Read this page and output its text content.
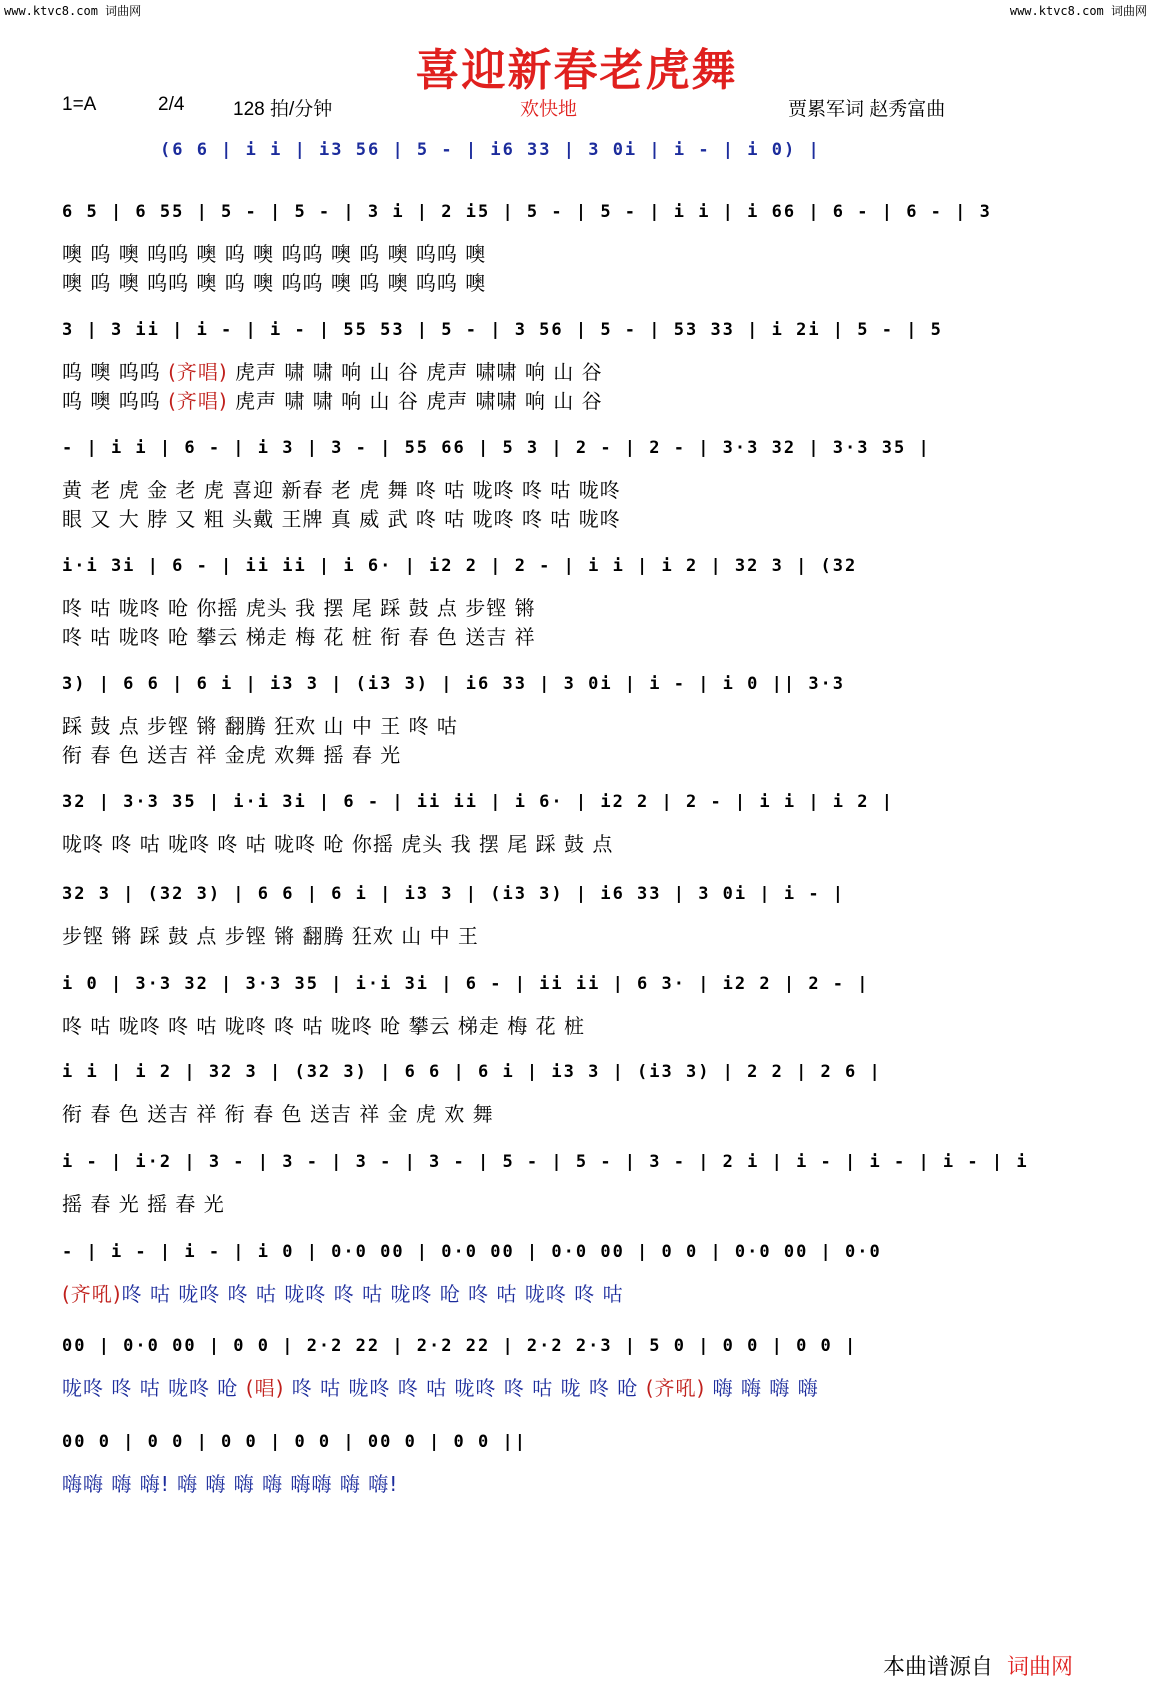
www.ktvc8.com 词曲网	www.ktvc8.com 词曲网
喜迎新春老虎舞
1=A	2/4	128 拍/分钟	欢快地	贾累军词 赵秀富曲
(6 6 | i i | i3 56 | 5 - | i6 33 | 3 0i | i - | i 0) |
6 5 | 6 55 | 5 - | 5 - | 3 i | 2 i5 | 5 - | 5 - | i i | i 66 | 6 - | 6 - | 3
噢 呜 噢 呜呜 噢 呜 噢 呜呜 噢 呜 噢 呜呜 噢
噢 呜 噢 呜呜 噢 呜 噢 呜呜 噢 呜 噢 呜呜 噢
3 | 3 ii | i - | i - | 55 53 | 5 - | 3 56 | 5 - | 53 33 | i 2i | 5 - | 5
呜 噢 呜呜 (齐唱) 虎声 啸 啸 响 山 谷 虎声 啸啸 响 山 谷
呜 噢 呜呜 (齐唱) 虎声 啸 啸 响 山 谷 虎声 啸啸 响 山 谷
- | i i | 6 - | i 3 | 3 - | 55 66 | 5 3 | 2 - | 2 - | 3·3 32 | 3·3 35 |
黄 老 虎 金 老 虎 喜迎 新春 老 虎 舞 咚 咕 咙咚 咚 咕 咙咚
眼 又 大 脖 又 粗 头戴 王牌 真 威 武 咚 咕 咙咚 咚 咕 咙咚
i·i 3i | 6 - | ii ii | i 6· | i2 2 | 2 - | i i | i 2 | 32 3 | (32
咚 咕 咙咚 呛 你摇 虎头 我 摆 尾 踩 鼓 点 步铿 锵
咚 咕 咙咚 呛 攀云 梯走 梅 花 桩 衔 春 色 送吉 祥
3) | 6 6 | 6 i | i3 3 | (i3 3) | i6 33 | 3 0i | i - | i 0 || 3·3
踩 鼓 点 步铿 锵 翻腾 狂欢 山 中 王 咚 咕
衔 春 色 送吉 祥 金虎 欢舞 摇 春 光
32 | 3·3 35 | i·i 3i | 6 - | ii ii | i 6· | i2 2 | 2 - | i i | i 2 |
咙咚 咚 咕 咙咚 咚 咕 咙咚 呛 你摇 虎头 我 摆 尾 踩 鼓 点
32 3 | (32 3) | 6 6 | 6 i | i3 3 | (i3 3) | i6 33 | 3 0i | i - |
步铿 锵 踩 鼓 点 步铿 锵 翻腾 狂欢 山 中 王
i 0 | 3·3 32 | 3·3 35 | i·i 3i | 6 - | ii ii | 6 3· | i2 2 | 2 - |
咚 咕 咙咚 咚 咕 咙咚 咚 咕 咙咚 呛 攀云 梯走 梅 花 桩
i i | i 2 | 32 3 | (32 3) | 6 6 | 6 i | i3 3 | (i3 3) | 2 2 | 2 6 |
衔 春 色 送吉 祥 衔 春 色 送吉 祥 金 虎 欢 舞
i - | i·2 | 3 - | 3 - | 3 - | 3 - | 5 - | 5 - | 3 - | 2 i | i - | i - | i - | i
摇 春 光 摇 春 光
- | i - | i - | i 0 | 0·0 00 | 0·0 00 | 0·0 00 | 0 0 | 0·0 00 | 0·0
(齐吼)咚 咕 咙咚 咚 咕 咙咚 咚 咕 咙咚 呛 咚 咕 咙咚 咚 咕
00 | 0·0 00 | 0 0 | 2·2 22 | 2·2 22 | 2·2 2·3 | 5 0 | 0 0 | 0 0 |
咙咚 咚 咕 咙咚 呛 (唱) 咚 咕 咙咚 咚 咕 咙咚 咚 咕 咙 咚 呛 (齐吼) 嗨 嗨 嗨 嗨
00 0 | 0 0 | 0 0 | 0 0 | 00 0 | 0 0 ||
嗨嗨 嗨 嗨! 嗨 嗨 嗨 嗨 嗨嗨 嗨 嗨!
本曲谱源自 词曲网
